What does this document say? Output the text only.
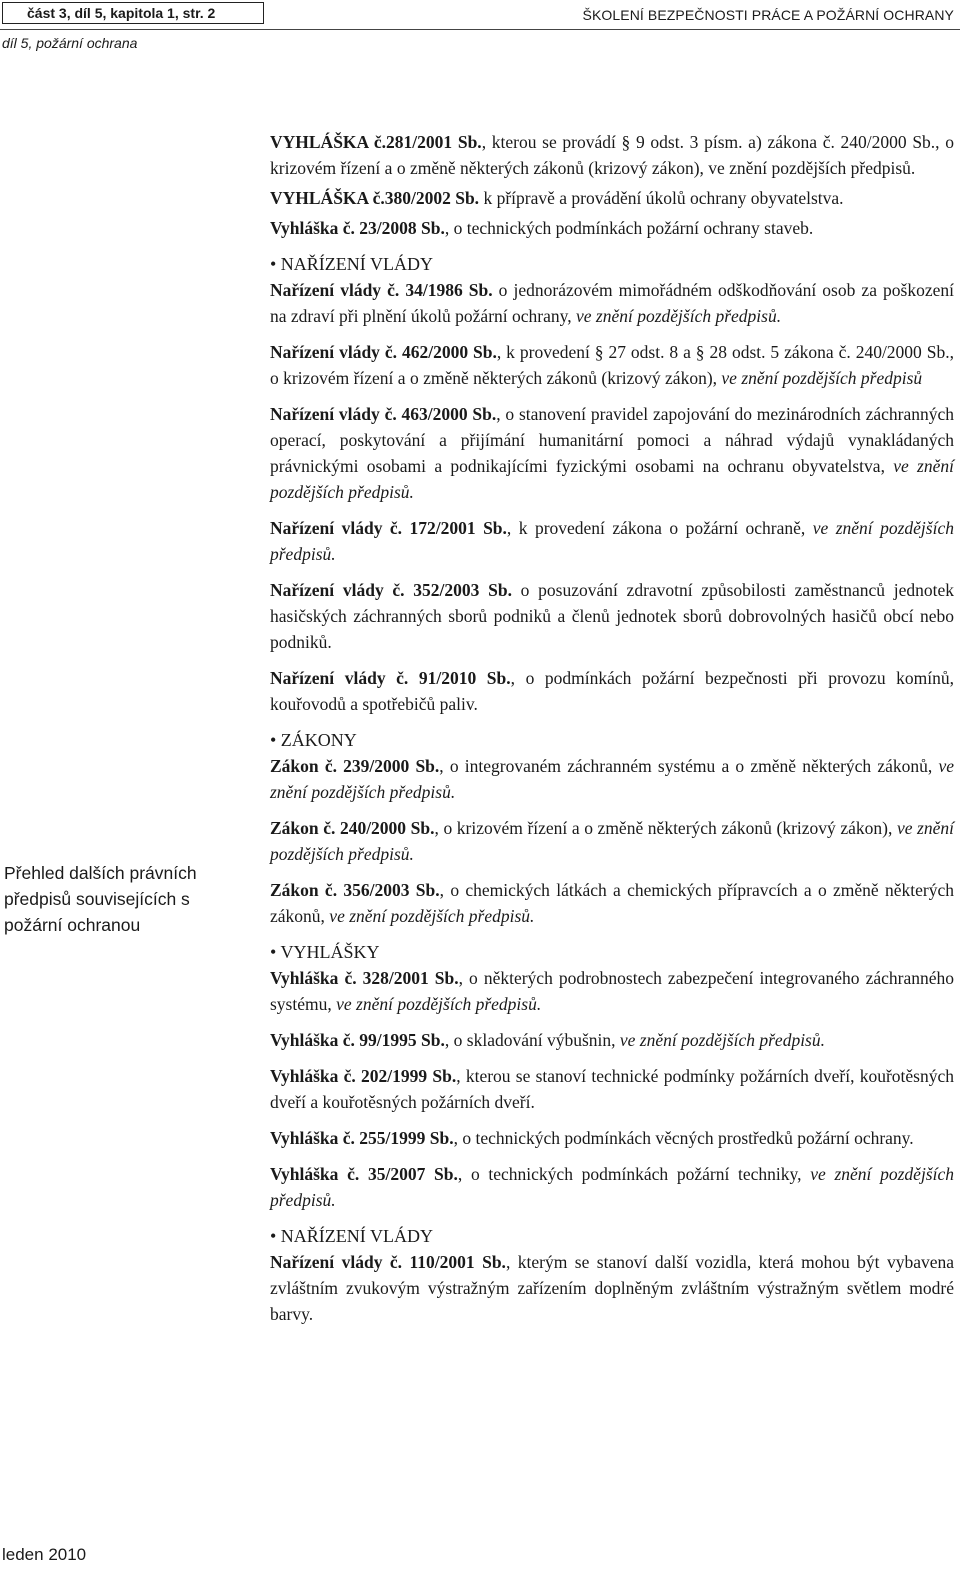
část 3, díl 5, kapitola 1, str. 2	ŠKOLENÍ BEZPEČNOSTI PRÁCE A POŽÁRNÍ OCHRANY
díl 5, požární ochrana
Přehled dalších právních předpisů souvisejících s požární ochranou

VYHLÁŠKA č.281/2001 Sb., kterou se provádí § 9 odst. 3 písm. a) zákona č. 240/2000 Sb., o krizovém řízení a o změně některých zákonů (krizový zákon), ve znění pozdějších předpisů.

VYHLÁŠKA č.380/2002 Sb. k přípravě a provádění úkolů ochrany obyvatelstva.

Vyhláška č. 23/2008 Sb., o technických podmínkách požární ochrany staveb.

• NAŘÍZENÍ VLÁDY

Nařízení vlády č. 34/1986 Sb. o jednorázovém mimořádném odškodňování osob za poškození na zdraví při plnění úkolů požární ochrany, ve znění pozdějších předpisů.

Nařízení vlády č. 462/2000 Sb., k provedení § 27 odst. 8 a § 28 odst. 5 zákona č. 240/2000 Sb., o krizovém řízení a o změně některých zákonů (krizový zákon), ve znění pozdějších předpisů

Nařízení vlády č. 463/2000 Sb., o stanovení pravidel zapojování do mezinárodních záchranných operací, poskytování a přijímání humanitární pomoci a náhrad výdajů vynakládaných právnickými osobami a podnikajícími fyzickými osobami na ochranu obyvatelstva, ve znění pozdějších předpisů.

Nařízení vlády č. 172/2001 Sb., k provedení zákona o požární ochraně, ve znění pozdějších předpisů.

Nařízení vlády č. 352/2003 Sb. o posuzování zdravotní způsobilosti zaměstnanců jednotek hasičských záchranných sborů podniků a členů jednotek sborů dobrovolných hasičů obcí nebo podniků.

Nařízení vlády č. 91/2010 Sb., o podmínkách požární bezpečnosti při provozu komínů, kouřovodů a spotřebičů paliv.

• ZÁKONY

Zákon č. 239/2000 Sb., o integrovaném záchranném systému a o změně některých zákonů, ve znění pozdějších předpisů.

Zákon č. 240/2000 Sb., o krizovém řízení a o změně některých zákonů (krizový zákon), ve znění pozdějších předpisů.

Zákon č. 356/2003 Sb., o chemických látkách a chemických přípravcích a o změně některých zákonů, ve znění pozdějších předpisů.

• VYHLÁŠKY

Vyhláška č. 328/2001 Sb., o některých podrobnostech zabezpečení integrovaného záchranného systému, ve znění pozdějších předpisů.

Vyhláška č. 99/1995 Sb., o skladování výbušnin, ve znění pozdějších předpisů.

Vyhláška č. 202/1999 Sb., kterou se stanoví technické podmínky požárních dveří, kouřotěsných dveří a kouřotěsných požárních dveří.

Vyhláška č. 255/1999 Sb., o technických podmínkách věcných prostředků požární ochrany.

Vyhláška č. 35/2007 Sb., o technických podmínkách požární techniky, ve znění pozdějších předpisů.

• NAŘÍZENÍ VLÁDY

Nařízení vlády č. 110/2001 Sb., kterým se stanoví další vozidla, která mohou být vybavena zvláštním zvukovým výstražným zařízením doplněným zvláštním výstražným světlem modré barvy.

leden 2010
